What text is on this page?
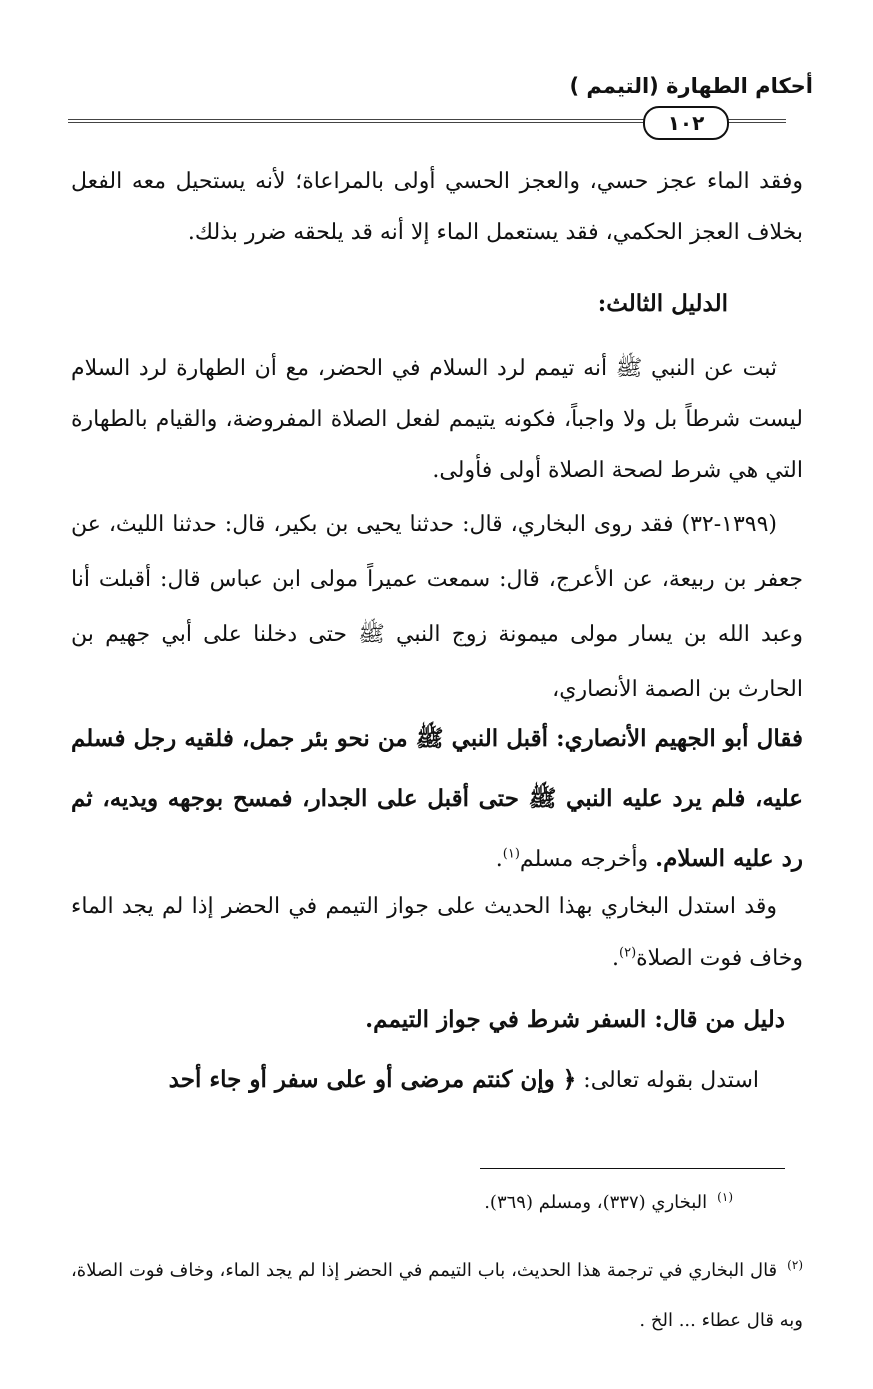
أحكام الطهارة (التيمم )
١٠٢
وفقد الماء عجز حسي، والعجز الحسي أولى بالمراعاة؛ لأنه يستحيل معه الفعل بخلاف العجز الحكمي، فقد يستعمل الماء إلا أنه قد يلحقه ضرر بذلك.
الدليل الثالث:
ثبت عن النبي ﷺ أنه تيمم لرد السلام في الحضر، مع أن الطهارة لرد السلام ليست شرطاً بل ولا واجباً، فكونه يتيمم لفعل الصلاة المفروضة، والقيام بالطهارة التي هي شرط لصحة الصلاة أولى فأولى.
(١٣٩٩-٣٢) فقد روى البخاري، قال: حدثنا يحيى بن بكير، قال: حدثنا الليث، عن جعفر بن ربيعة، عن الأعرج، قال: سمعت عميراً مولى ابن عباس قال: أقبلت أنا وعبد الله بن يسار مولى ميمونة زوج النبي ﷺ حتى دخلنا على أبي جهيم بن الحارث بن الصمة الأنصاري،
فقال أبو الجهيم الأنصاري: أقبل النبي ﷺ من نحو بئر جمل، فلقيه رجل فسلم عليه، فلم يرد عليه النبي ﷺ حتى أقبل على الجدار، فمسح بوجهه ويديه، ثم رد عليه السلام. وأخرجه مسلم$^{(١)}$.
وقد استدل البخاري بهذا الحديث على جواز التيمم في الحضر إذا لم يجد الماء وخاف فوت الصلاة$^{(٢)}$.
دليل من قال: السفر شرط في جواز التيمم.
استدل بقوله تعالى: ﴿ وإن كنتم مرضى أو على سفر أو جاء أحد
$^{(١)}$البخاري (٣٣٧)، ومسلم (٣٦٩).
$^{(٢)}$قال البخاري في ترجمة هذا الحديث، باب التيمم في الحضر إذا لم يجد الماء، وخاف فوت الصلاة، وبه قال عطاء ... الخ .
